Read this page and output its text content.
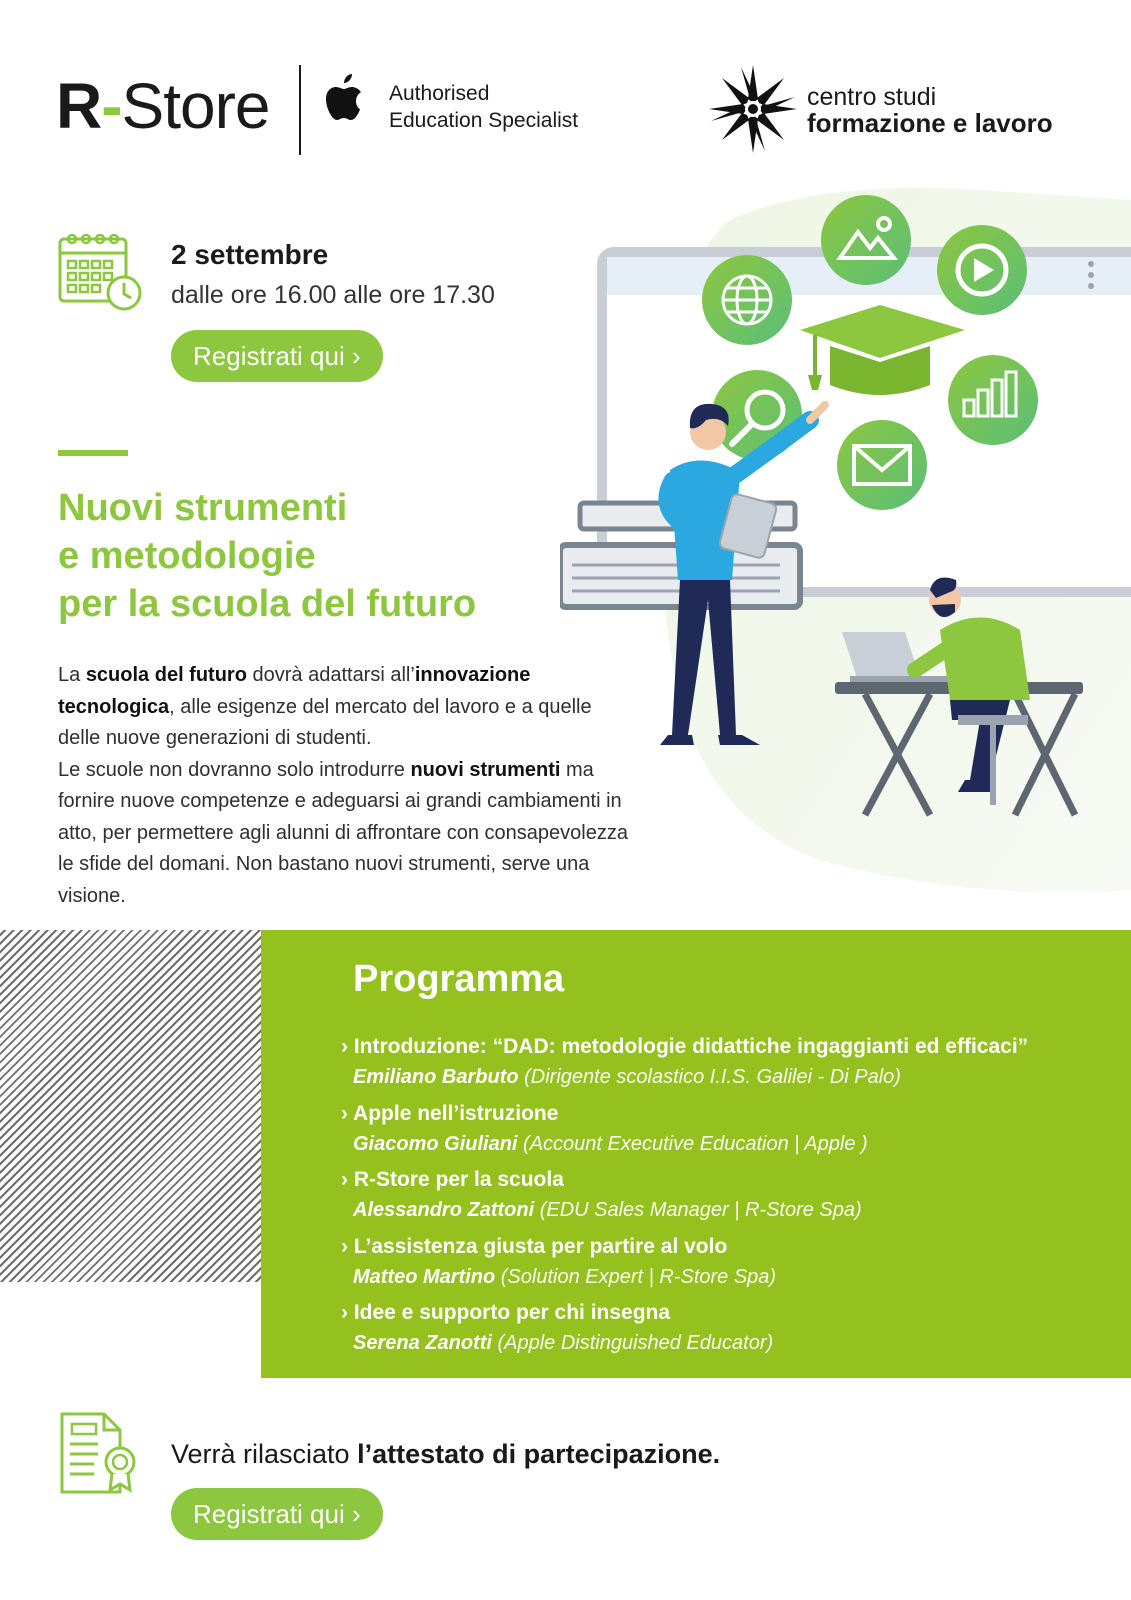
R-Store	Authorised
Education Specialist
centro studi
formazione e lavoro
2 settembre
dalle ore 16.00 alle ore 17.30
Registrati qui ›
Nuovi strumenti
e metodologie
per la scuola del futuro
La scuola del futuro dovrà adattarsi all’innovazione tecnologica, alle esigenze del mercato del lavoro e a quelle delle nuove generazioni di studenti.
Le scuole non dovranno solo introdurre nuovi strumenti ma fornire nuove competenze e adeguarsi ai grandi cambiamenti in atto, per permettere agli alunni di affrontare con consapevolezza le sfide del domani. Non bastano nuovi strumenti, serve una visione.
Programma
› Introduzione: “DAD: metodologie didattiche ingaggianti ed efficaci”
Emiliano Barbuto (Dirigente scolastico I.I.S. Galilei - Di Palo)
› Apple nell’istruzione
Giacomo Giuliani (Account Executive Education | Apple )
› R-Store per la scuola
Alessandro Zattoni (EDU Sales Manager | R-Store Spa)
› L’assistenza giusta per partire al volo
Matteo Martino (Solution Expert | R-Store Spa)
› Idee e supporto per chi insegna
Serena Zanotti (Apple Distinguished Educator)
Verrà rilasciato l’attestato di partecipazione.
Registrati qui ›
